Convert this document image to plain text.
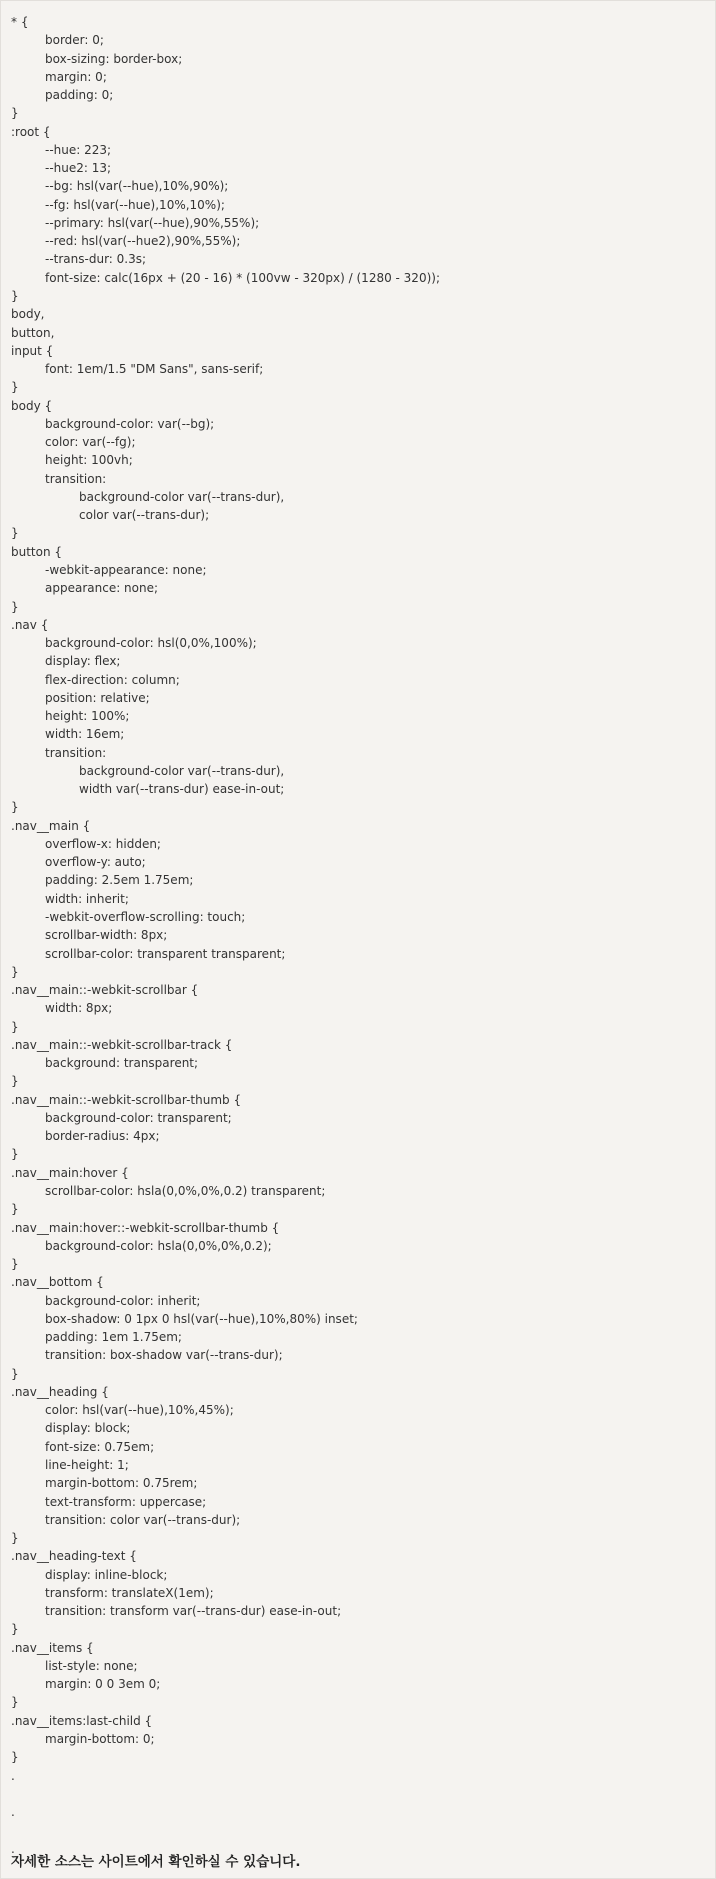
* {
border: 0;
box-sizing: border-box;
margin: 0;
padding: 0;
}
:root {
--hue: 223;
--hue2: 13;
--bg: hsl(var(--hue),10%,90%);
--fg: hsl(var(--hue),10%,10%);
--primary: hsl(var(--hue),90%,55%);
--red: hsl(var(--hue2),90%,55%);
--trans-dur: 0.3s;
font-size: calc(16px + (20 - 16) * (100vw - 320px) / (1280 - 320));
}
body,
button,
input {
font: 1em/1.5 "DM Sans", sans-serif;
}
body {
background-color: var(--bg);
color: var(--fg);
height: 100vh;
transition:
background-color var(--trans-dur),
color var(--trans-dur);
}
button {
-webkit-appearance: none;
appearance: none;
}
.nav {
background-color: hsl(0,0%,100%);
display: flex;
flex-direction: column;
position: relative;
height: 100%;
width: 16em;
transition:
background-color var(--trans-dur),
width var(--trans-dur) ease-in-out;
}
.nav__main {
overflow-x: hidden;
overflow-y: auto;
padding: 2.5em 1.75em;
width: inherit;
-webkit-overflow-scrolling: touch;
scrollbar-width: 8px;
scrollbar-color: transparent transparent;
}
.nav__main::-webkit-scrollbar {
width: 8px;
}
.nav__main::-webkit-scrollbar-track {
background: transparent;
}
.nav__main::-webkit-scrollbar-thumb {
background-color: transparent;
border-radius: 4px;
}
.nav__main:hover {
scrollbar-color: hsla(0,0%,0%,0.2) transparent;
}
.nav__main:hover::-webkit-scrollbar-thumb {
background-color: hsla(0,0%,0%,0.2);
}
.nav__bottom {
background-color: inherit;
box-shadow: 0 1px 0 hsl(var(--hue),10%,80%) inset;
padding: 1em 1.75em;
transition: box-shadow var(--trans-dur);
}
.nav__heading {
color: hsl(var(--hue),10%,45%);
display: block;
font-size: 0.75em;
line-height: 1;
margin-bottom: 0.75rem;
text-transform: uppercase;
transition: color var(--trans-dur);
}
.nav__heading-text {
display: inline-block;
transform: translateX(1em);
transition: transform var(--trans-dur) ease-in-out;
}
.nav__items {
list-style: none;
margin: 0 0 3em 0;
}
.nav__items:last-child {
margin-bottom: 0;
}
.
.
.
자세한 소스는 사이트에서 확인하실 수 있습니다.
